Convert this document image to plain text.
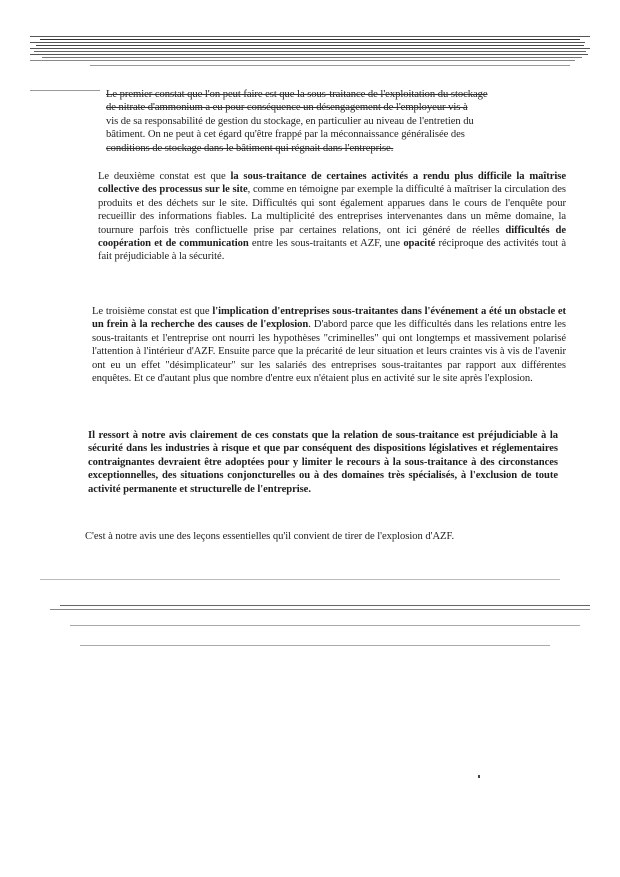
Le premier constat que l'on peut faire est que la sous-traitance de l'exploitation du stockage
de nitrate d'ammonium a eu pour conséquence un désengagement de l'employeur vis à
vis de sa responsabilité de gestion du stockage, en particulier au niveau de l'entretien du
bâtiment. On ne peut à cet égard qu'être frappé par la méconnaissance généralisée des
conditions de stockage dans le bâtiment qui régnait dans l'entreprise.

Le deuxième constat est que la sous-traitance de certaines activités a rendu plus difficile la maîtrise collective des processus sur le site, comme en témoigne par exemple la difficulté à maîtriser la circulation des produits et des déchets sur le site. Difficultés qui sont également apparues dans le cours de l'enquête pour recueillir des informations fiables. La multiplicité des entreprises intervenantes dans un même domaine, la tournure parfois très conflictuelle prise par certaines relations, ont ici généré de réelles difficultés de coopération et de communication entre les sous-traitants et AZF, une opacité réciproque des activités tout à fait préjudiciable à la sécurité.

Le troisième constat est que l'implication d'entreprises sous-traitantes dans l'événement a été un obstacle et un frein à la recherche des causes de l'explosion. D'abord parce que les difficultés dans les relations entre les sous-traitants et l'entreprise ont nourri les hypothèses "criminelles" qui ont longtemps et massivement polarisé l'attention à l'intérieur d'AZF. Ensuite parce que la précarité de leur situation et leurs craintes vis à vis de l'avenir ont eu un effet "désimplicateur" sur les salariés des entreprises sous-traitantes par rapport aux différentes enquêtes. Et ce d'autant plus que nombre d'entre eux n'étaient plus en activité sur le site après l'explosion.

Il ressort à notre avis clairement de ces constats que la relation de sous-traitance est préjudiciable à la sécurité dans les industries à risque et que par conséquent des dispositions législatives et réglementaires contraignantes devraient être adoptées pour y limiter le recours à la sous-traitance à des circonstances exceptionnelles, des situations conjoncturelles ou à des domaines très spécialisés, à l'exclusion de toute activité permanente et structurelle de l'entreprise.

C'est à notre avis une des leçons essentielles qu'il convient de tirer de l'explosion d'AZF.
